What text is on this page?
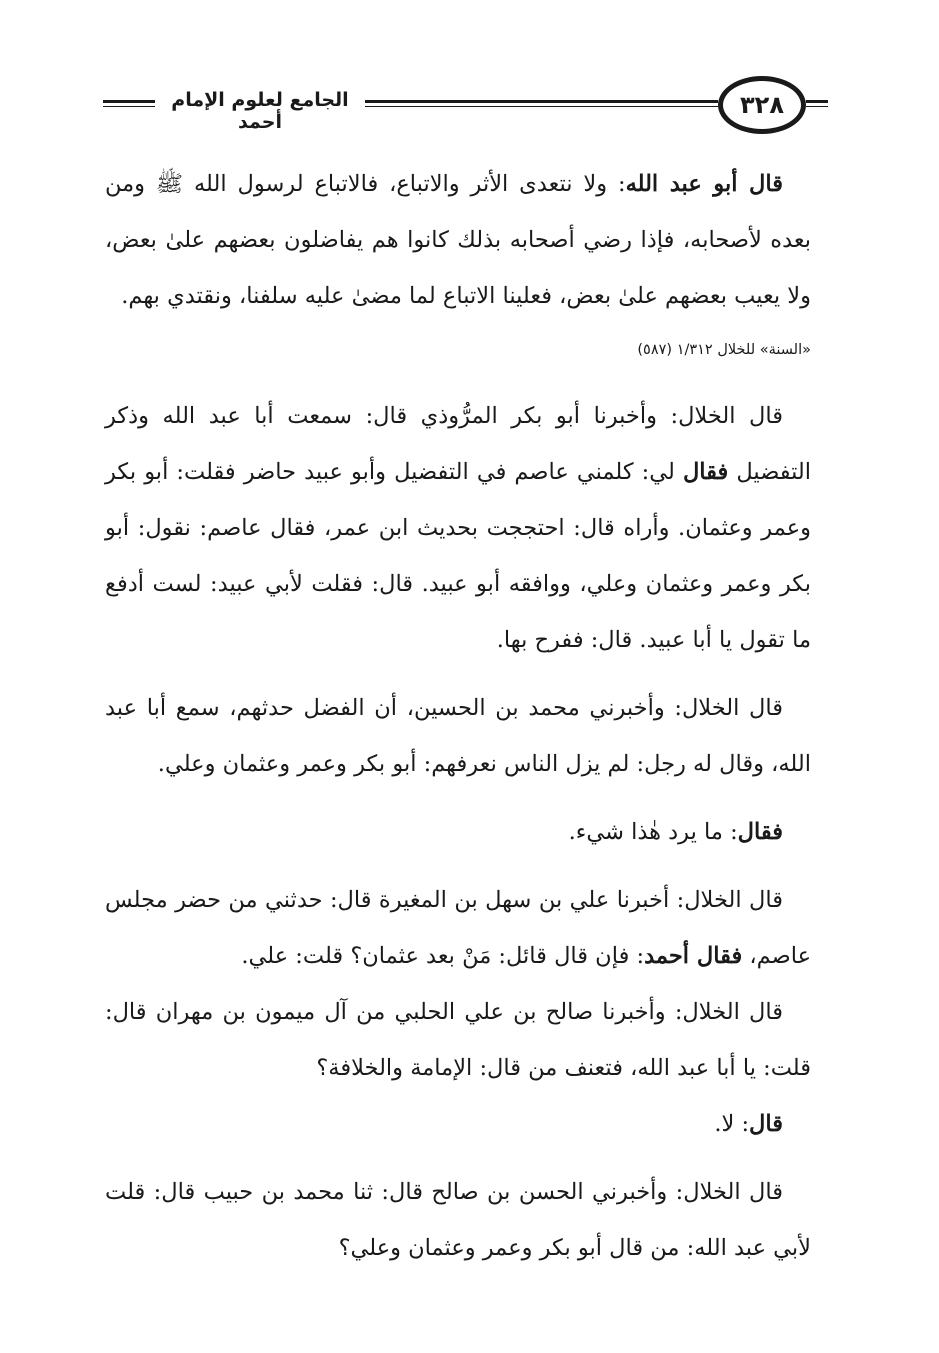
الجامع لعلوم الإمام أحمد
٣٢٨

قال أبو عبد الله: ولا نتعدى الأثر والاتباع، فالاتباع لرسول الله ﷺ ومن بعده لأصحابه، فإذا رضي أصحابه بذلك كانوا هم يفاضلون بعضهم علىٰ بعض، ولا يعيب بعضهم علىٰ بعض، فعلينا الاتباع لما مضىٰ عليه سلفنا، ونقتدي بهم.

«السنة» للخلال ١/٣١٢ (٥٨٧)

قال الخلال: وأخبرنا أبو بكر المرُّوذي قال: سمعت أبا عبد الله وذكر التفضيل فقال لي: كلمني عاصم في التفضيل وأبو عبيد حاضر فقلت: أبو بكر وعمر وعثمان. وأراه قال: احتججت بحديث ابن عمر، فقال عاصم: نقول: أبو بكر وعمر وعثمان وعلي، ووافقه أبو عبيد. قال: فقلت لأبي عبيد: لست أدفع ما تقول يا أبا عبيد. قال: ففرح بها.

قال الخلال: وأخبرني محمد بن الحسين، أن الفضل حدثهم، سمع أبا عبد الله، وقال له رجل: لم يزل الناس نعرفهم: أبو بكر وعمر وعثمان وعلي.

فقال: ما يرد هٰذا شيء.

قال الخلال: أخبرنا علي بن سهل بن المغيرة قال: حدثني من حضر مجلس عاصم، فقال أحمد: فإن قال قائل: مَنْ بعد عثمان؟ قلت: علي.

قال الخلال: وأخبرنا صالح بن علي الحلبي من آل ميمون بن مهران قال: قلت: يا أبا عبد الله، فتعنف من قال: الإمامة والخلافة؟

قال: لا.

قال الخلال: وأخبرني الحسن بن صالح قال: ثنا محمد بن حبيب قال: قلت لأبي عبد الله: من قال أبو بكر وعمر وعثمان وعلي؟
